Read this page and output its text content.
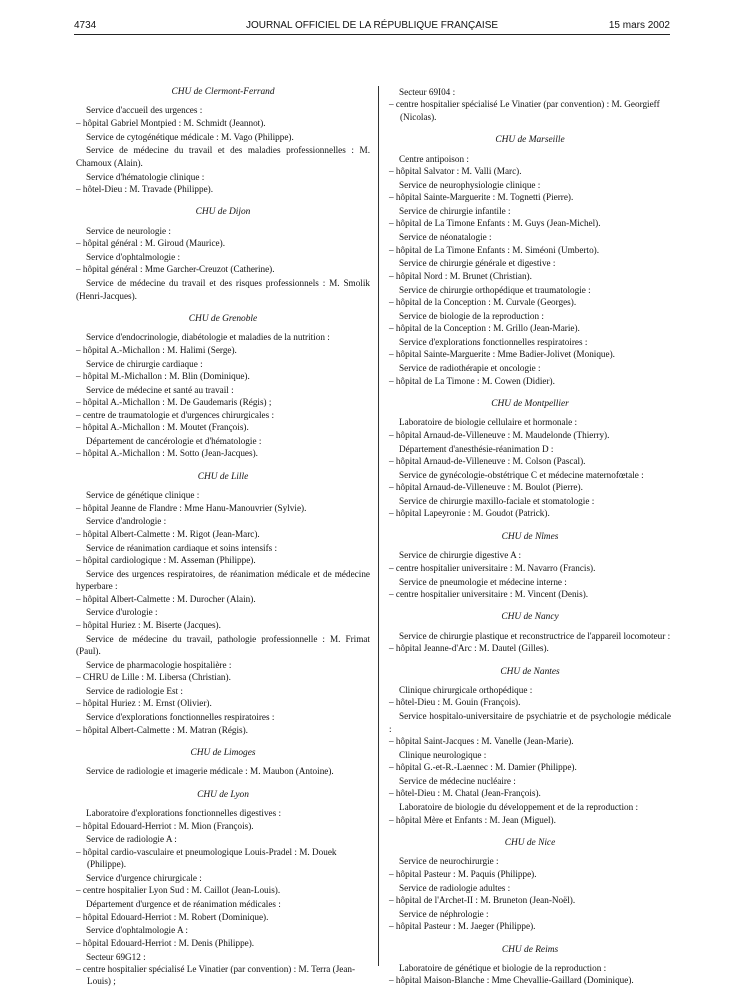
4734	JOURNAL OFFICIEL DE LA RÉPUBLIQUE FRANÇAISE	15 mars 2002
CHU de Clermont-Ferrand
Service d'accueil des urgences :
– hôpital Gabriel Montpied : M. Schmidt (Jeannot).
Service de cytogénétique médicale : M. Vago (Philippe).
Service de médecine du travail et des maladies professionnelles : M. Chamoux (Alain).
Service d'hématologie clinique :
– hôtel-Dieu : M. Travade (Philippe).
CHU de Dijon
Service de neurologie :
– hôpital général : M. Giroud (Maurice).
Service d'ophtalmologie :
– hôpital général : Mme Garcher-Creuzot (Catherine).
Service de médecine du travail et des risques professionnels : M. Smolik (Henri-Jacques).
CHU de Grenoble
Service d'endocrinologie, diabétologie et maladies de la nutrition :
– hôpital A.-Michallon : M. Halimi (Serge).
Service de chirurgie cardiaque :
– hôpital M.-Michallon : M. Blin (Dominique).
Service de médecine et santé au travail :
– hôpital A.-Michallon : M. De Gaudemaris (Régis) ;
– centre de traumatologie et d'urgences chirurgicales :
– hôpital A.-Michallon : M. Moutet (François).
Département de cancérologie et d'hématologie :
– hôpital A.-Michallon : M. Sotto (Jean-Jacques).
CHU de Lille
Service de génétique clinique :
– hôpital Jeanne de Flandre : Mme Hanu-Manouvrier (Sylvie).
Service d'andrologie :
– hôpital Albert-Calmette : M. Rigot (Jean-Marc).
Service de réanimation cardiaque et soins intensifs :
– hôpital cardiologique : M. Asseman (Philippe).
Service des urgences respiratoires, de réanimation médicale et de médecine hyperbare :
– hôpital Albert-Calmette : M. Durocher (Alain).
Service d'urologie :
– hôpital Huriez : M. Biserte (Jacques).
Service de médecine du travail, pathologie professionnelle : M. Frimat (Paul).
Service de pharmacologie hospitalière :
– CHRU de Lille : M. Libersa (Christian).
Service de radiologie Est :
– hôpital Huriez : M. Ernst (Olivier).
Service d'explorations fonctionnelles respiratoires :
– hôpital Albert-Calmette : M. Matran (Régis).
CHU de Limoges
Service de radiologie et imagerie médicale : M. Maubon (Antoine).
CHU de Lyon
Laboratoire d'explorations fonctionnelles digestives :
– hôpital Edouard-Herriot : M. Mion (François).
Service de radiologie A :
– hôpital cardio-vasculaire et pneumologique Louis-Pradel : M. Douek (Philippe).
Service d'urgence chirurgicale :
– centre hospitalier Lyon Sud : M. Caillot (Jean-Louis).
Département d'urgence et de réanimation médicales :
– hôpital Edouard-Herriot : M. Robert (Dominique).
Service d'ophtalmologie A :
– hôpital Edouard-Herriot : M. Denis (Philippe).
Secteur 69G12 :
– centre hospitalier spécialisé Le Vinatier (par convention) : M. Terra (Jean-Louis) ;
Secteur 69I04 :
– centre hospitalier spécialisé Le Vinatier (par convention) : M. Georgieff (Nicolas).
CHU de Marseille
Centre antipoison :
– hôpital Salvator : M. Valli (Marc).
Service de neurophysiologie clinique :
– hôpital Sainte-Marguerite : M. Tognetti (Pierre).
Service de chirurgie infantile :
– hôpital de La Timone Enfants : M. Guys (Jean-Michel).
Service de néonatalogie :
– hôpital de La Timone Enfants : M. Siméoni (Umberto).
Service de chirurgie générale et digestive :
– hôpital Nord : M. Brunet (Christian).
Service de chirurgie orthopédique et traumatologie :
– hôpital de la Conception : M. Curvale (Georges).
Service de biologie de la reproduction :
– hôpital de la Conception : M. Grillo (Jean-Marie).
Service d'explorations fonctionnelles respiratoires :
– hôpital Sainte-Marguerite : Mme Badier-Jolivet (Monique).
Service de radiothérapie et oncologie :
– hôpital de La Timone : M. Cowen (Didier).
CHU de Montpellier
Laboratoire de biologie cellulaire et hormonale :
– hôpital Arnaud-de-Villeneuve : M. Maudelonde (Thierry).
Département d'anesthésie-réanimation D :
– hôpital Arnaud-de-Villeneuve : M. Colson (Pascal).
Service de gynécologie-obstétrique C et médecine maternofœtale :
– hôpital Arnaud-de-Villeneuve : M. Boulot (Pierre).
Service de chirurgie maxillo-faciale et stomatologie :
– hôpital Lapeyronie : M. Goudot (Patrick).
CHU de Nîmes
Service de chirurgie digestive A :
– centre hospitalier universitaire : M. Navarro (Francis).
Service de pneumologie et médecine interne :
– centre hospitalier universitaire : M. Vincent (Denis).
CHU de Nancy
Service de chirurgie plastique et reconstructrice de l'appareil locomoteur :
– hôpital Jeanne-d'Arc : M. Dautel (Gilles).
CHU de Nantes
Clinique chirurgicale orthopédique :
– hôtel-Dieu : M. Gouin (François).
Service hospitalo-universitaire de psychiatrie et de psychologie médicale :
– hôpital Saint-Jacques : M. Vanelle (Jean-Marie).
Clinique neurologique :
– hôpital G.-et-R.-Laennec : M. Damier (Philippe).
Service de médecine nucléaire :
– hôtel-Dieu : M. Chatal (Jean-François).
Laboratoire de biologie du développement et de la reproduction :
– hôpital Mère et Enfants : M. Jean (Miguel).
CHU de Nice
Service de neurochirurgie :
– hôpital Pasteur : M. Paquis (Philippe).
Service de radiologie adultes :
– hôpital de l'Archet-II : M. Bruneton (Jean-Noël).
Service de néphrologie :
– hôpital Pasteur : M. Jaeger (Philippe).
CHU de Reims
Laboratoire de génétique et biologie de la reproduction :
– hôpital Maison-Blanche : Mme Chevallie-Gaillard (Dominique).
